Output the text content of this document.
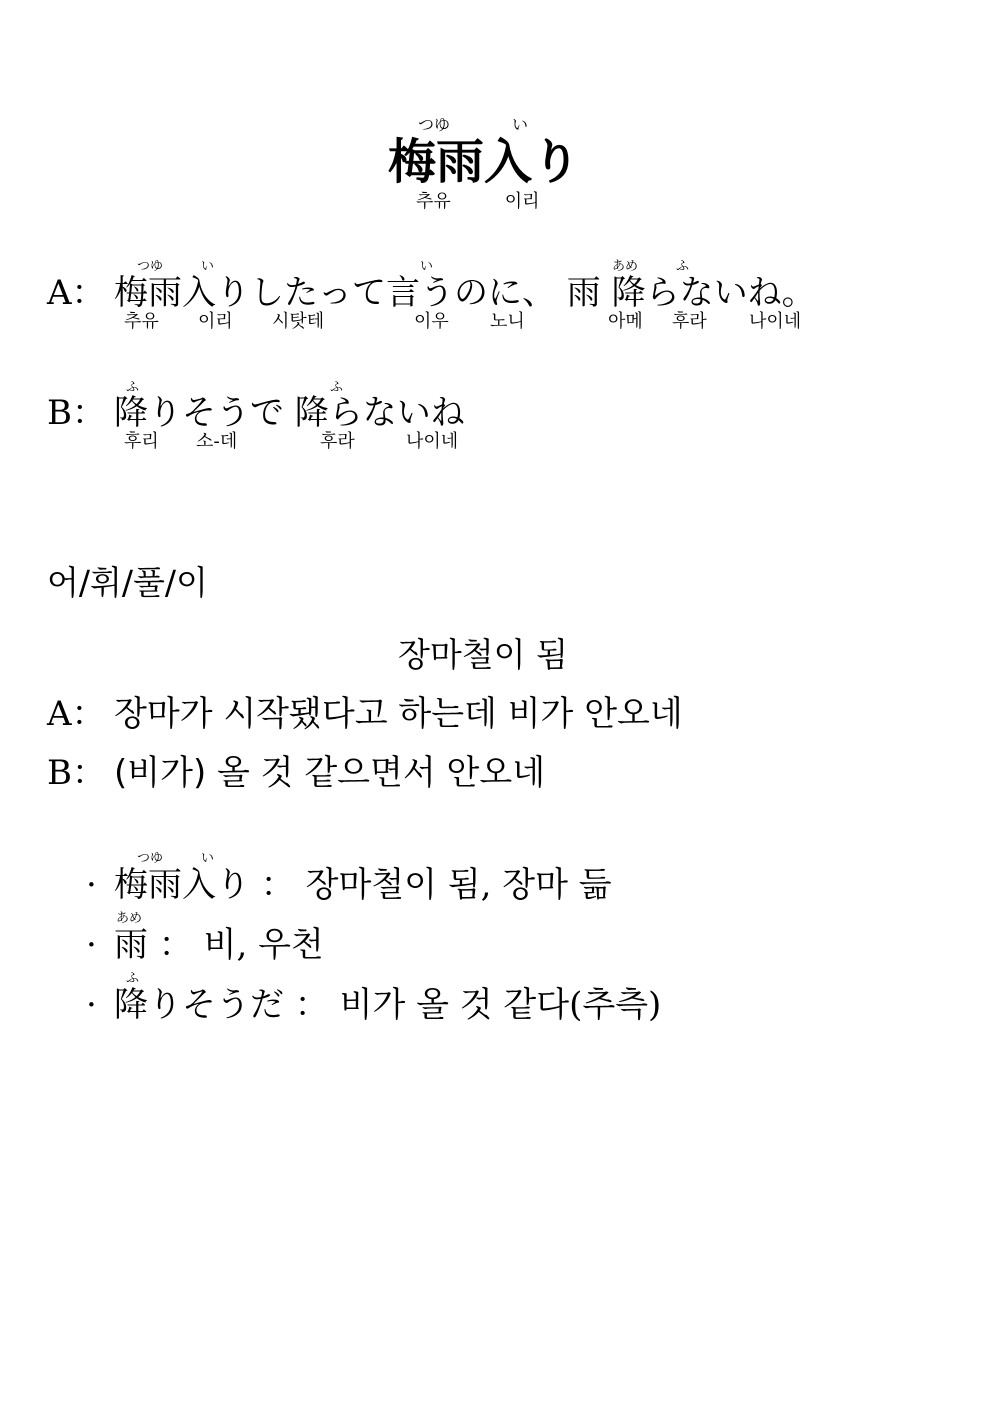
つゆ	い
梅雨入り
추유　　　이리
つゆ	い	い	あめ	ふ
A： 梅雨入りしたって言うのに、 雨 降らないね。
추유 이리 시탓테	이우 노니	아메 후라 나이네
ふ	ふ
B： 降りそうで 降らないね
후리 소-데	후라	나이네
어/휘/풀/이
장마철이 됨
A： 장마가 시작됐다고 하는데 비가 안오네
B： (비가) 올 것 같으면서 안오네
つゆ	い
· 梅雨入り ： 장마철이 됨, 장마 듦
あめ
· 雨 ： 비, 우천
ふ
· 降りそうだ ： 비가 올 것 같다(추측)
